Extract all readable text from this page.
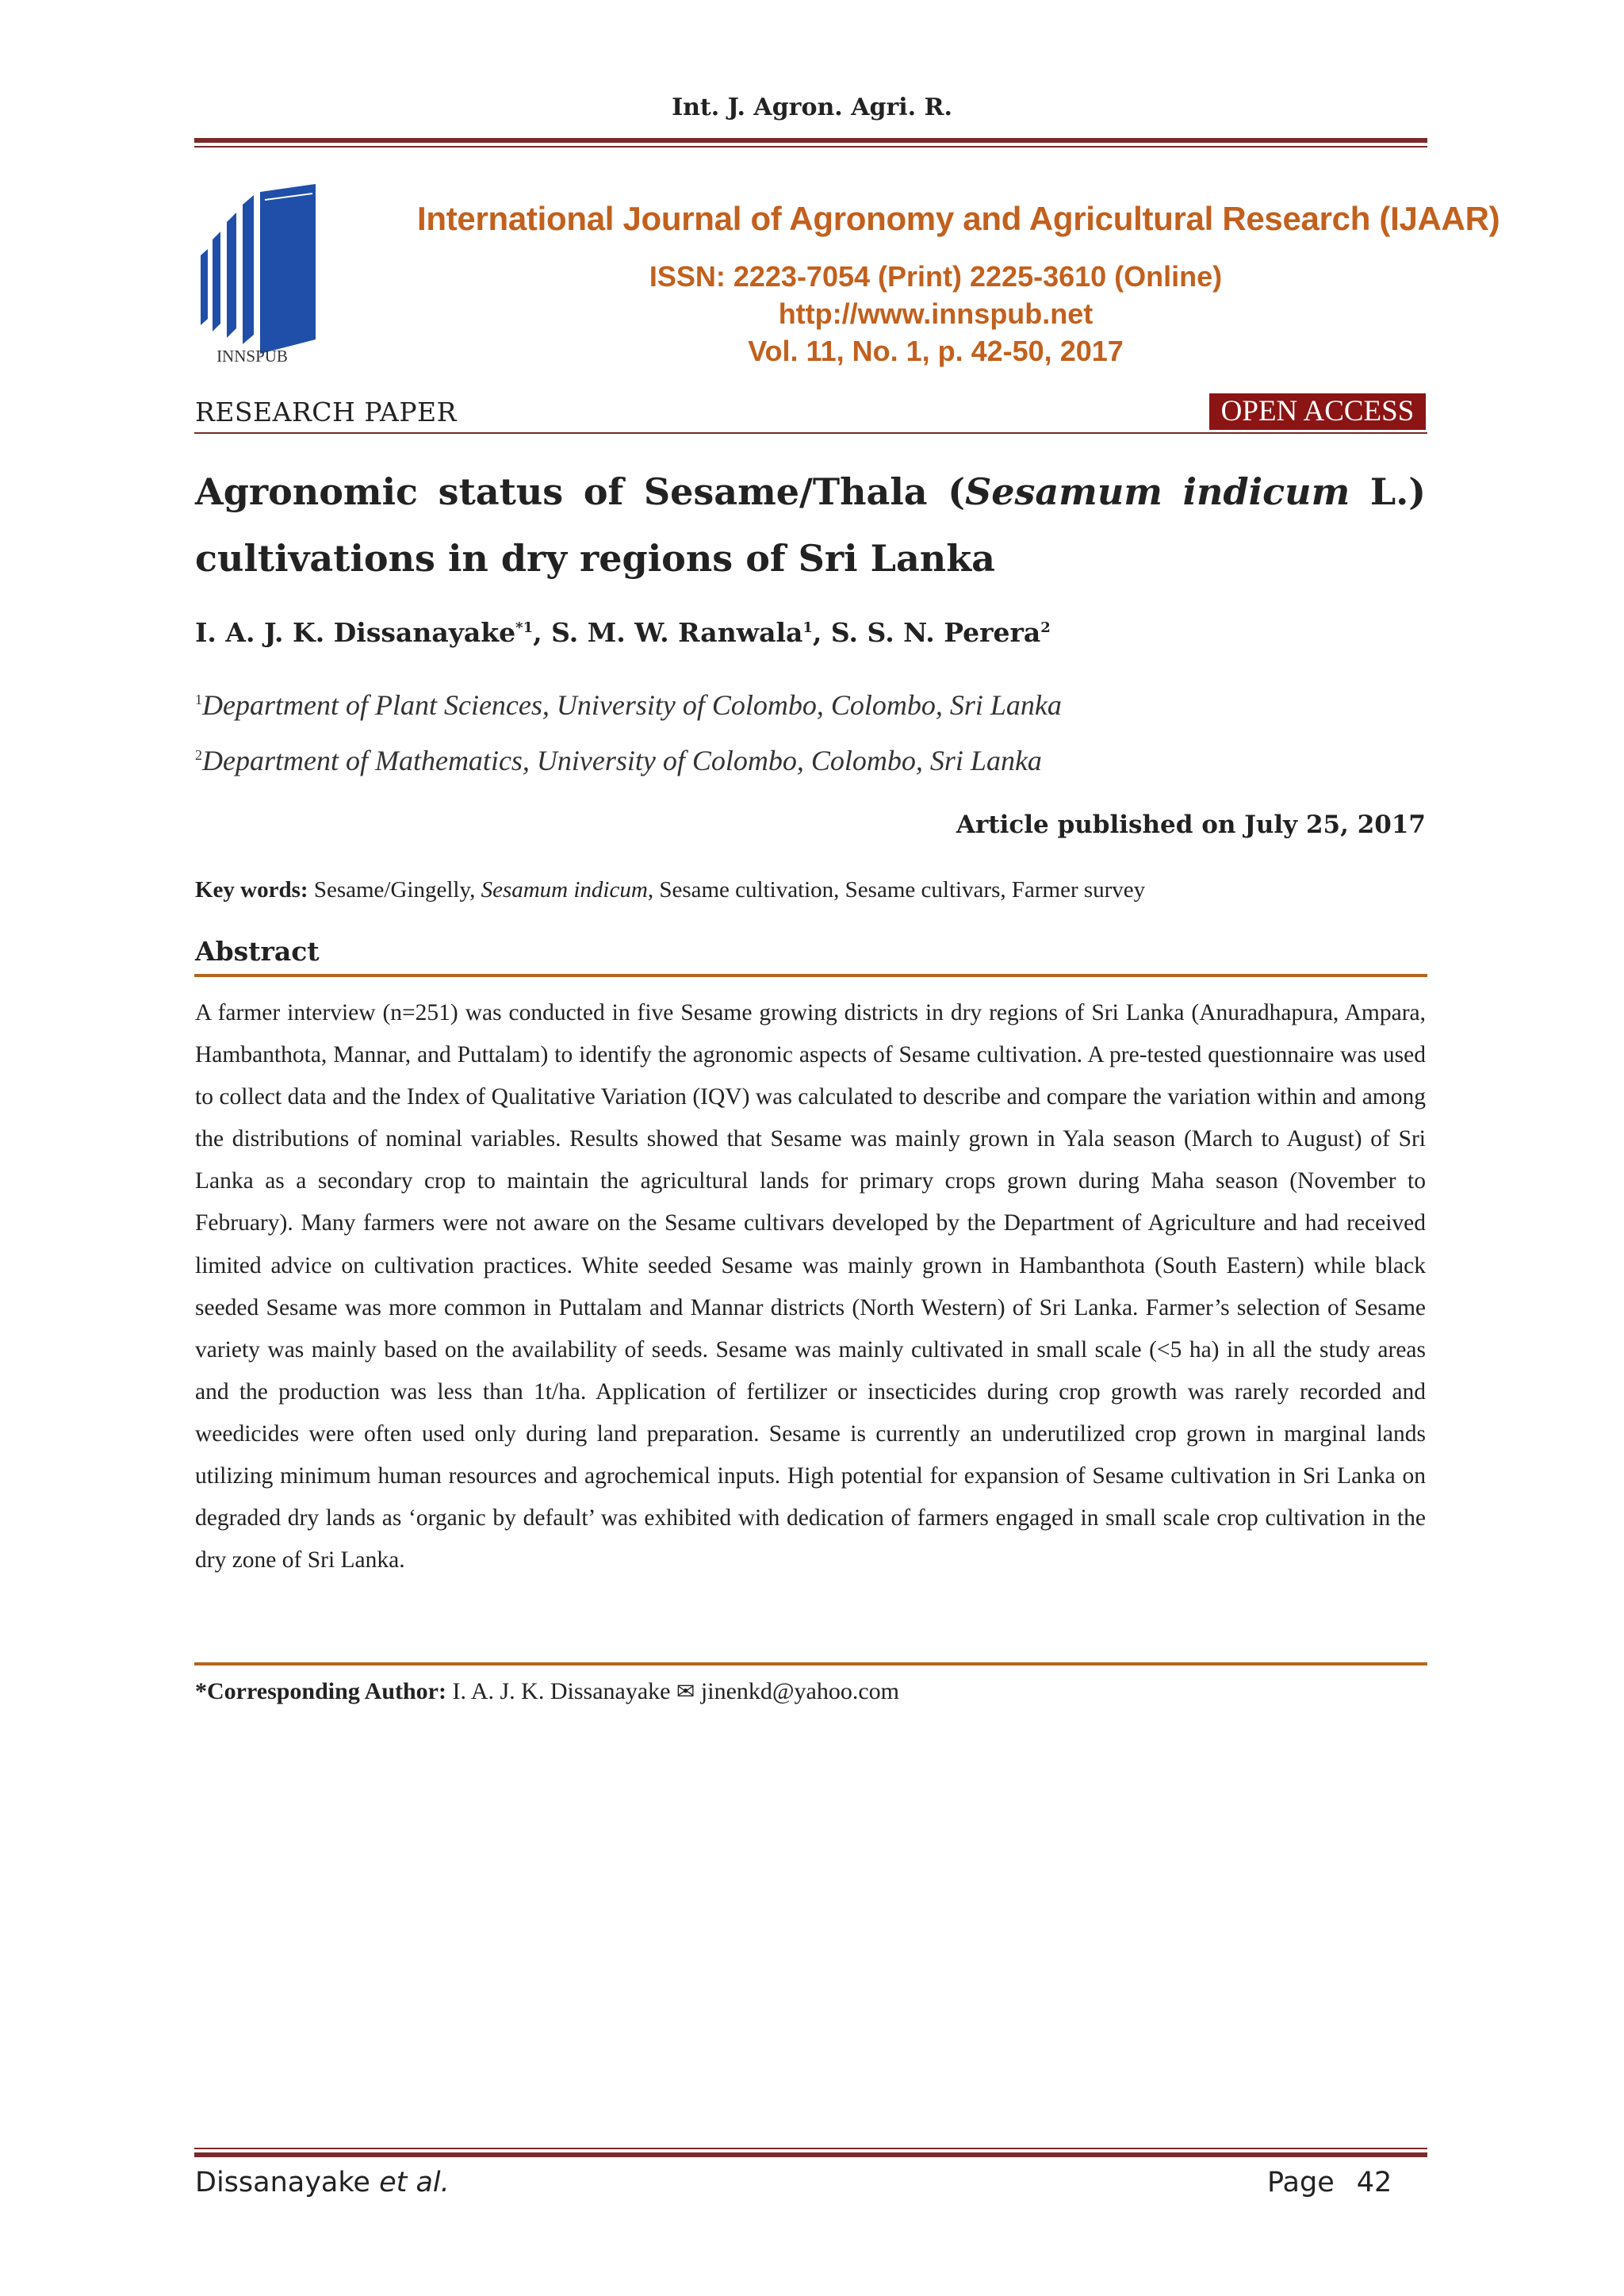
Int. J. Agron. Agri. R.
INNSPUB
International Journal of Agronomy and Agricultural Research (IJAAR)
ISSN: 2223-7054 (Print) 2225-3610 (Online)
http://www.innspub.net
Vol. 11, No. 1, p. 42-50, 2017
RESEARCH PAPER	OPEN ACCESS
Agronomic status of Sesame/Thala (Sesamum indicum L.) cultivations in dry regions of Sri Lanka
I. A. J. K. Dissanayake$^{*1}$, S. M. W. Ranwala$^1$, S. S. N. Perera$^2$
$^1$Department of Plant Sciences, University of Colombo, Colombo, Sri Lanka
$^2$Department of Mathematics, University of Colombo, Colombo, Sri Lanka
Article published on July 25, 2017
Key words: Sesame/Gingelly, Sesamum indicum, Sesame cultivation, Sesame cultivars, Farmer survey
Abstract
A farmer interview (n=251) was conducted in five Sesame growing districts in dry regions of Sri Lanka (Anuradhapura, Ampara, Hambanthota, Mannar, and Puttalam) to identify the agronomic aspects of Sesame cultivation. A pre-tested questionnaire was used to collect data and the Index of Qualitative Variation (IQV) was calculated to describe and compare the variation within and among the distributions of nominal variables. Results showed that Sesame was mainly grown in Yala season (March to August) of Sri Lanka as a secondary crop to maintain the agricultural lands for primary crops grown during Maha season (November to February). Many farmers were not aware on the Sesame cultivars developed by the Department of Agriculture and had received limited advice on cultivation practices. White seeded Sesame was mainly grown in Hambanthota (South Eastern) while black seeded Sesame was more common in Puttalam and Mannar districts (North Western) of Sri Lanka. Farmer’s selection of Sesame variety was mainly based on the availability of seeds. Sesame was mainly cultivated in small scale (<5 ha) in all the study areas and the production was less than 1t/ha. Application of fertilizer or insecticides during crop growth was rarely recorded and weedicides were often used only during land preparation. Sesame is currently an underutilized crop grown in marginal lands utilizing minimum human resources and agrochemical inputs. High potential for expansion of Sesame cultivation in Sri Lanka on degraded dry lands as ‘organic by default’ was exhibited with dedication of farmers engaged in small scale crop cultivation in the dry zone of Sri Lanka.
*Corresponding Author: I. A. J. K. Dissanayake ✉ jinenkd@yahoo.com
Dissanayake et al.	Page 42
